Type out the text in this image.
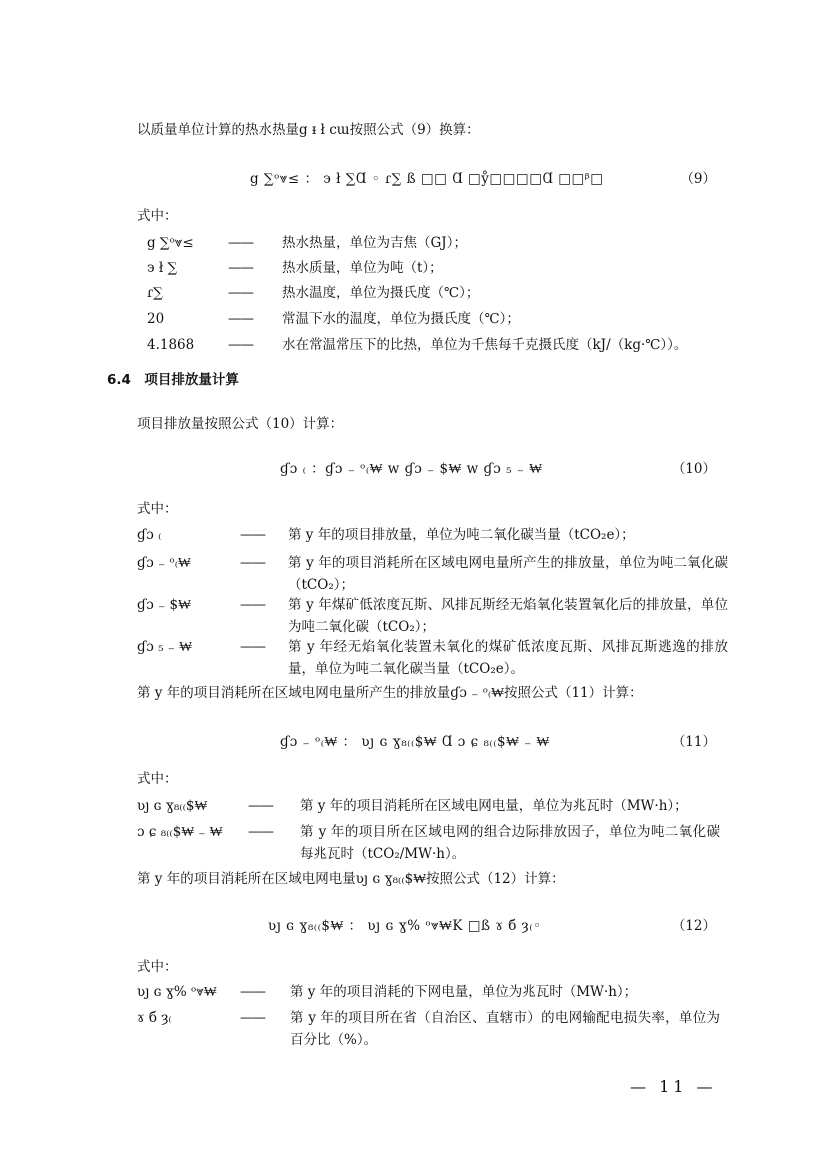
以质量单位计算的热水热量g ᵻ ł cɯ按照公式（9）换算：
g ∑ᵒ⩔≤ ： ϶ ł ∑Ɑ ◦ ɾ∑ ß □□ Ɑ □ẙ□□□□Ɑ □□ᵝ□	（9）
式中：
g ∑ᵒ⩔≤	—— 热水热量，单位为吉焦（GJ）；
϶ ł ∑	—— 热水质量，单位为吨（t）；
ɾ∑	—— 热水温度，单位为摄氏度（℃）；
20	—— 常温下水的温度，单位为摄氏度（℃）；
4.1868	—— 水在常温常压下的比热，单位为千焦每千克摄氏度（kJ/（kg·℃））。
6.4　项目排放量计算
项目排放量按照公式（10）计算：
ɠɔ ₍ ：ɠɔ ₋ ᵒ₍₩ w ɠɔ ₋ $₩ w ɠɔ ₅ ₋ ₩	（10）
式中：
ɠɔ ₍	—— 第 y 年的项目排放量，单位为吨二氧化碳当量（tCO₂e）；
ɠɔ ₋ ᵒ₍₩	—— 第 y 年的项目消耗所在区域电网电量所产生的排放量，单位为吨二氧化碳（tCO₂）；
ɠɔ ₋ $₩	—— 第 y 年煤矿低浓度瓦斯、风排瓦斯经无焰氧化装置氧化后的排放量，单位为吨二氧化碳（tCO₂）；
ɠɔ ₅ ₋ ₩	—— 第 y 年经无焰氧化装置未氧化的煤矿低浓度瓦斯、风排瓦斯逃逸的排放量，单位为吨二氧化碳当量（tCO₂e）。
第 y 年的项目消耗所在区域电网电量所产生的排放量ɠɔ ₋ ᵒ₍₩按照公式（11）计算：
ɠɔ ₋ ᵒ₍₩ ： ʋȷ ɢ ɣ₈₍₍$₩ Ɑ ɔ ɕ ₈₍₍$₩ ₋ ₩	（11）
式中：
ʋȷ ɢ ɣ₈₍₍$₩	—— 第 y 年的项目消耗所在区域电网电量，单位为兆瓦时（MW·h）；
ɔ ɕ ₈₍₍$₩ ₋ ₩ —— 第 y 年的项目所在区域电网的组合边际排放因子，单位为吨二氧化碳每兆瓦时（tCO₂/MW·h）。
第 y 年的项目消耗所在区域电网电量ʋȷ ɢ ɣ₈₍₍$₩按照公式（12）计算：
ʋȷ ɢ ɣ₈₍₍$₩ ： ʋȷ ɢ ɣ% ᵒ⩔₩K □ß ɤ б ȝ₍◦	（12）
式中：
ʋȷ ɢ ɣ% ᵒ⩔₩ —— 第 y 年的项目消耗的下网电量，单位为兆瓦时（MW·h）；
ɤ б ȝ₍	—— 第 y 年的项目所在省（自治区、直辖市）的电网输配电损失率，单位为百分比（%）。
— 11 —
